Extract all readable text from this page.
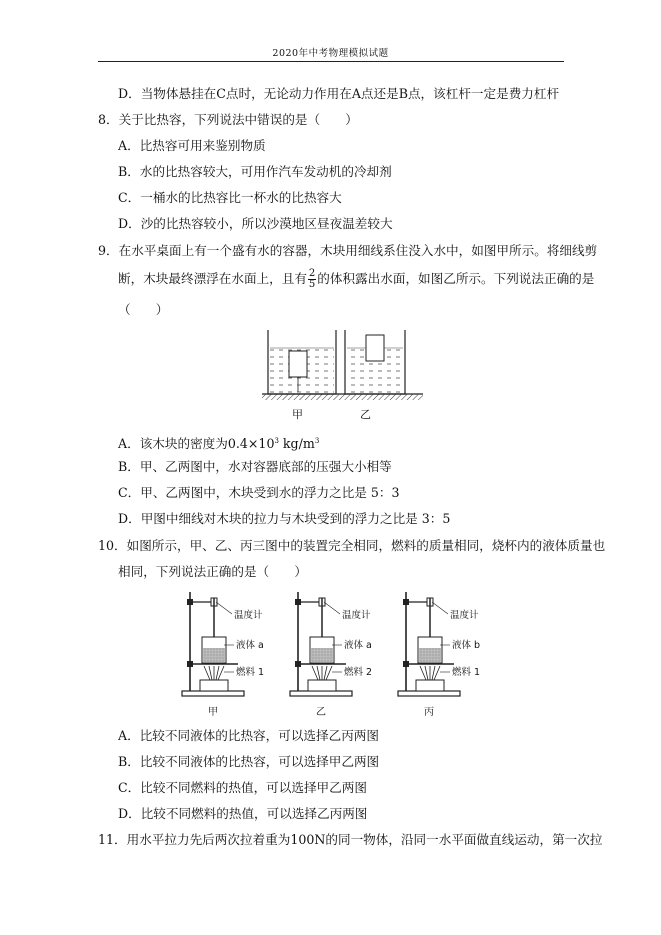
2020年中考物理模拟试题
D．当物体悬挂在C点时，无论动力作用在A点还是B点，该杠杆一定是费力杠杆
8．关于比热容，下列说法中错误的是（　　）
A．比热容可用来鉴别物质
B．水的比热容较大，可用作汽车发动机的冷却剂
C．一桶水的比热容比一杯水的比热容大
D．沙的比热容较小，所以沙漠地区昼夜温差较大
9．在水平桌面上有一个盛有水的容器，木块用细线系住没入水中，如图甲所示。将细线剪
断，木块最终漂浮在水面上，且有 $\frac{2}{5}$ 的体积露出水面，如图乙所示。下列说法正确的是
（　　）
甲	乙
A．该木块的密度为$0.4\times 10^3$ $kg/m^3$
B．甲、乙两图中，水对容器底部的压强大小相等
C．甲、乙两图中，木块受到水的浮力之比是 5：3
D．甲图中细线对木块的拉力与木块受到的浮力之比是 3：5
10．如图所示，甲、乙、丙三图中的装置完全相同，燃料的质量相同，烧杯内的液体质量也
相同，下列说法正确的是（　　）
温度计
液体 a
燃料 1
甲
温度计
液体 a
燃料 2
乙
温度计
液体 b
燃料 1
丙
A．比较不同液体的比热容，可以选择乙丙两图
B．比较不同液体的比热容，可以选择甲乙两图
C．比较不同燃料的热值，可以选择甲乙两图
D．比较不同燃料的热值，可以选择乙丙两图
11．用水平拉力先后两次拉着重为100N的同一物体，沿同一水平面做直线运动，第一次拉
